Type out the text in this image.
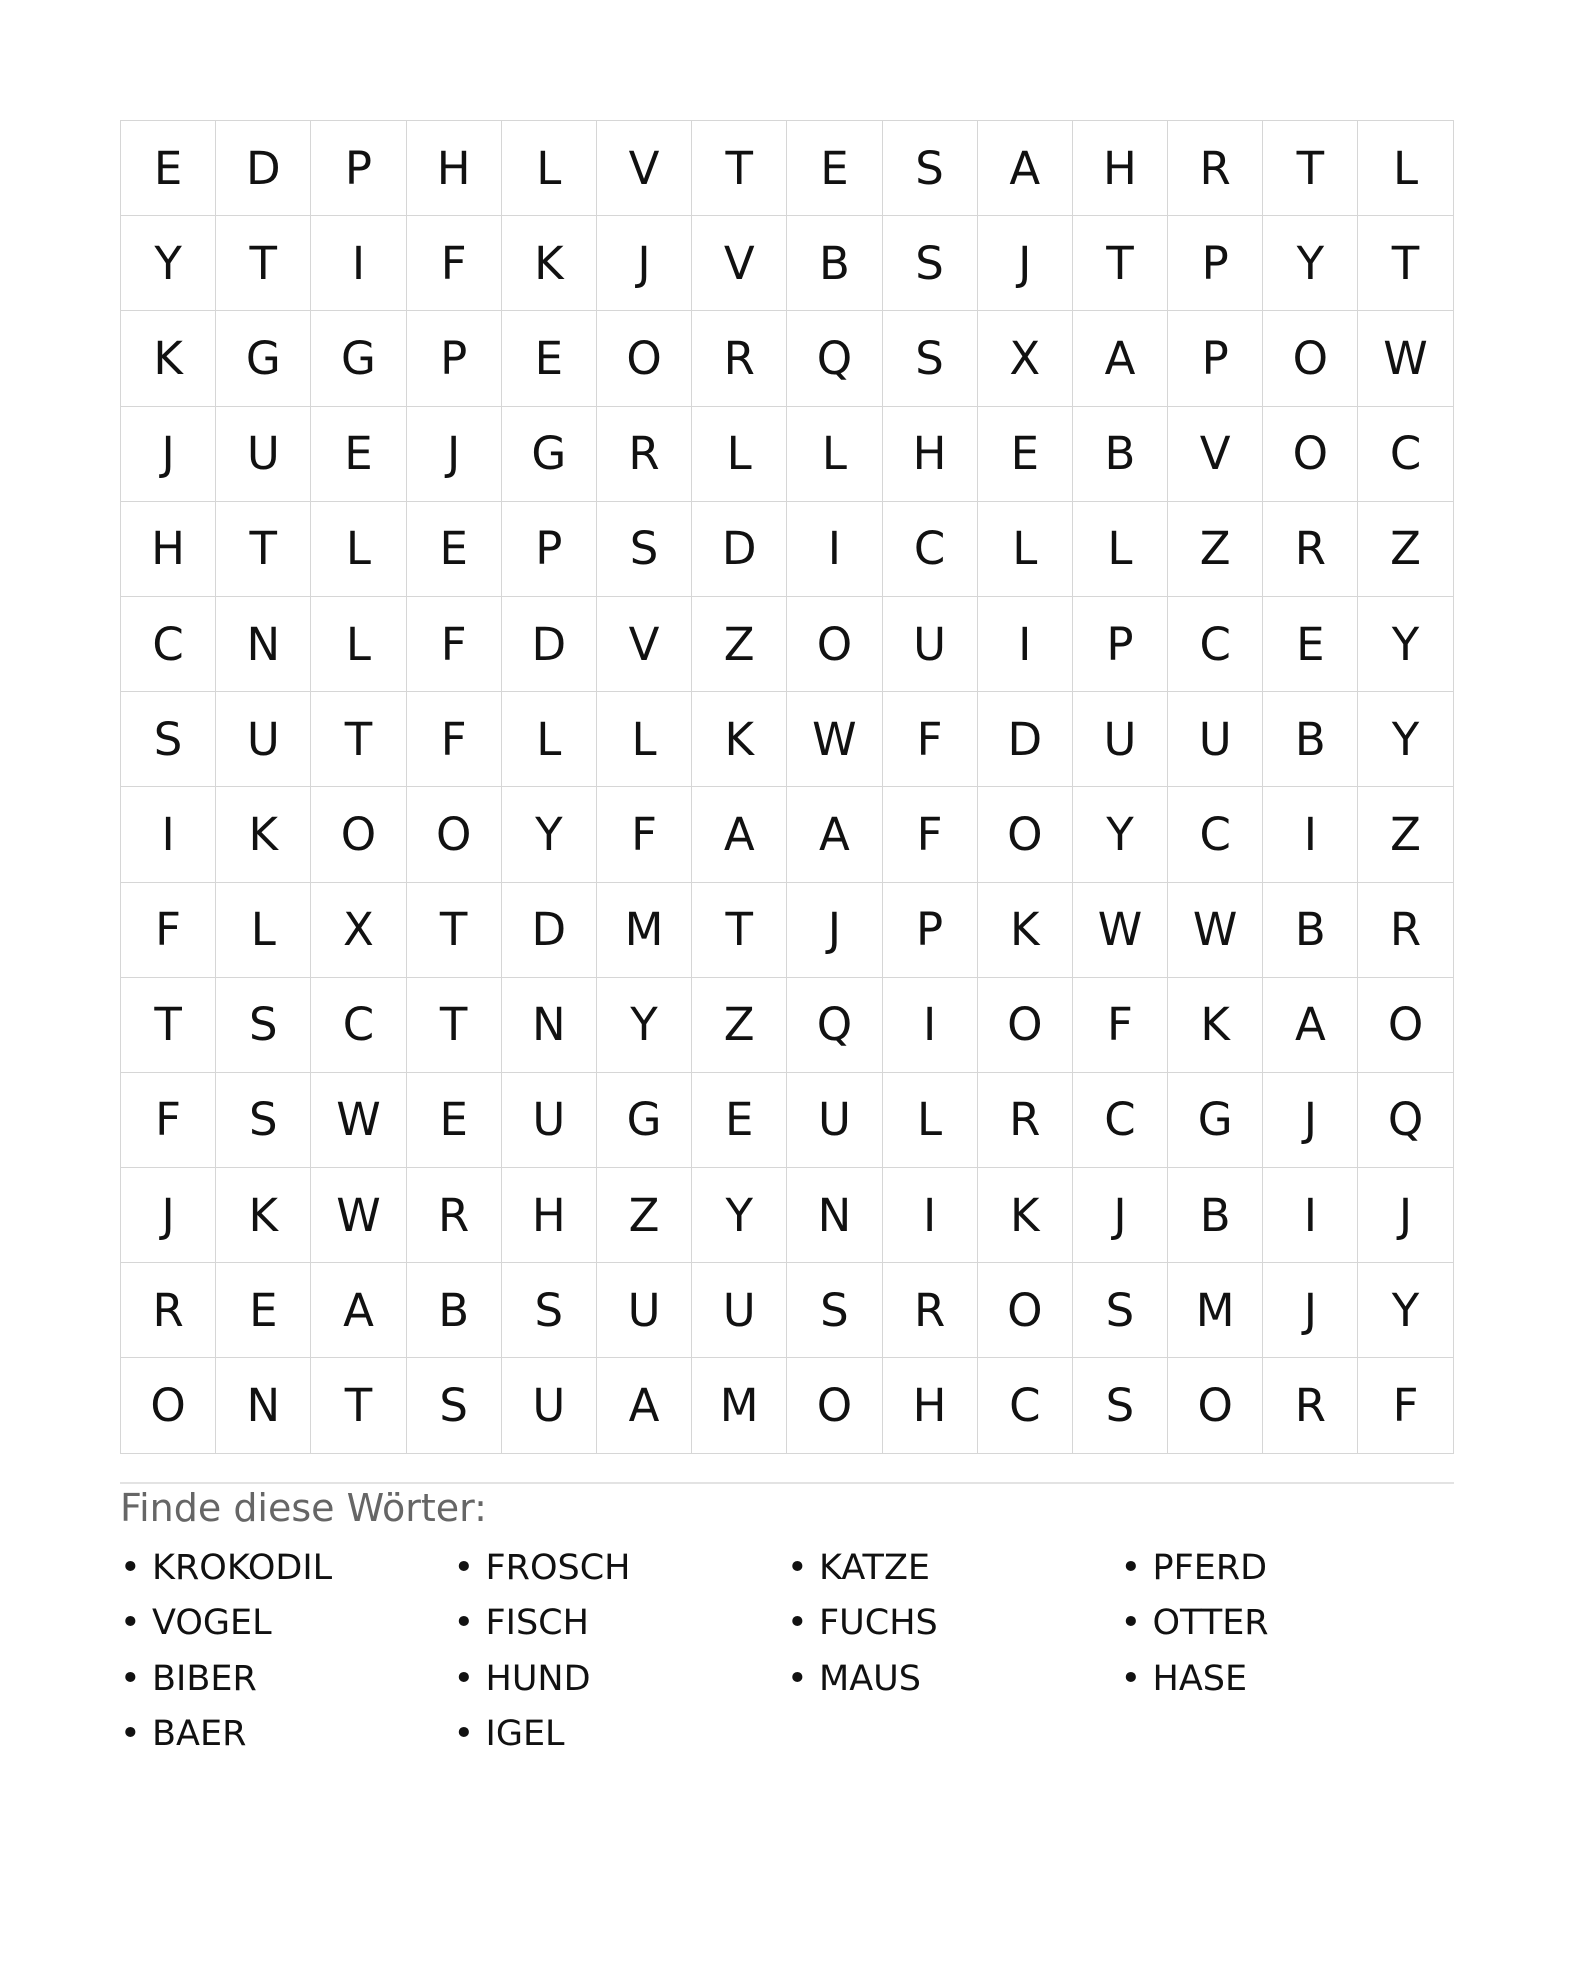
E	D	P	H	L	V	T	E	S	A	H	R	T	L
Y	T	I	F	K	J	V	B	S	J	T	P	Y	T
K	G	G	P	E	O	R	Q	S	X	A	P	O	W
J	U	E	J	G	R	L	L	H	E	B	V	O	C
H	T	L	E	P	S	D	I	C	L	L	Z	R	Z
C	N	L	F	D	V	Z	O	U	I	P	C	E	Y
S	U	T	F	L	L	K	W	F	D	U	U	B	Y
I	K	O	O	Y	F	A	A	F	O	Y	C	I	Z
F	L	X	T	D	M	T	J	P	K	W	W	B	R
T	S	C	T	N	Y	Z	Q	I	O	F	K	A	O
F	S	W	E	U	G	E	U	L	R	C	G	J	Q
J	K	W	R	H	Z	Y	N	I	K	J	B	I	J
R	E	A	B	S	U	U	S	R	O	S	M	J	Y
O	N	T	S	U	A	M	O	H	C	S	O	R	F
Finde diese Wörter:
• KROKODIL	• FROSCH	• KATZE	• PFERD
• VOGEL	• FISCH	• FUCHS	• OTTER
• BIBER	• HUND	• MAUS	• HASE
• BAER	• IGEL
